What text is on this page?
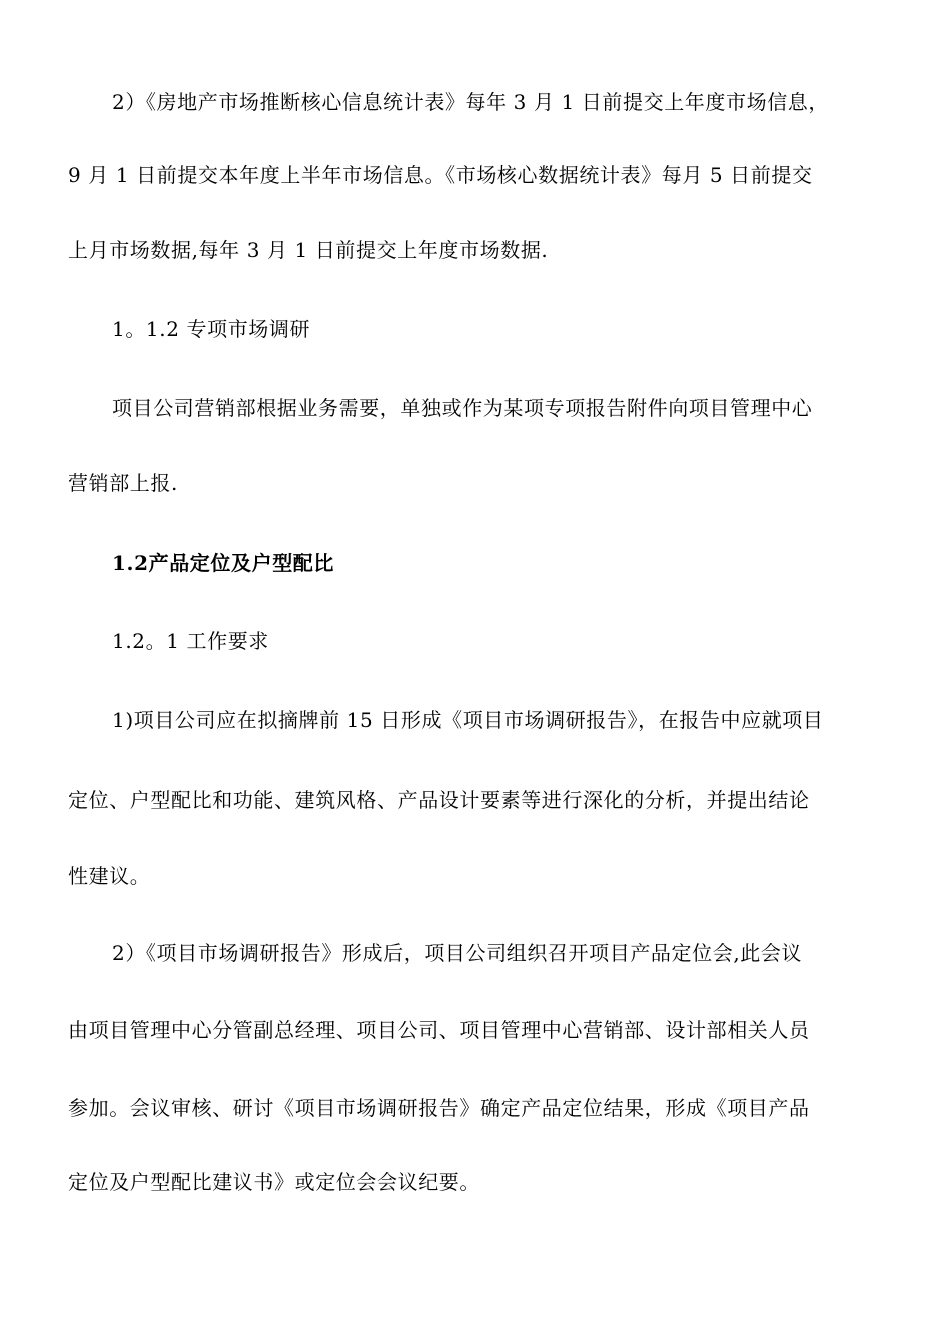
2）《房地产市场推断核心信息统计表》每年 3 月 1 日前提交上年度市场信息，
9 月 1 日前提交本年度上半年市场信息。《市场核心数据统计表》每月 5 日前提交
上月市场数据,每年 3 月 1 日前提交上年度市场数据.
1。1.2 专项市场调研
项目公司营销部根据业务需要，单独或作为某项专项报告附件向项目管理中心
营销部上报.
1.2产品定位及户型配比
1.2。1 工作要求
1)项目公司应在拟摘牌前 15 日形成《项目市场调研报告》，在报告中应就项目
定位、户型配比和功能、建筑风格、产品设计要素等进行深化的分析，并提出结论
性建议。
2）《项目市场调研报告》形成后，项目公司组织召开项目产品定位会,此会议
由项目管理中心分管副总经理、项目公司、项目管理中心营销部、设计部相关人员
参加。会议审核、研讨《项目市场调研报告》确定产品定位结果，形成《项目产品
定位及户型配比建议书》或定位会会议纪要。
